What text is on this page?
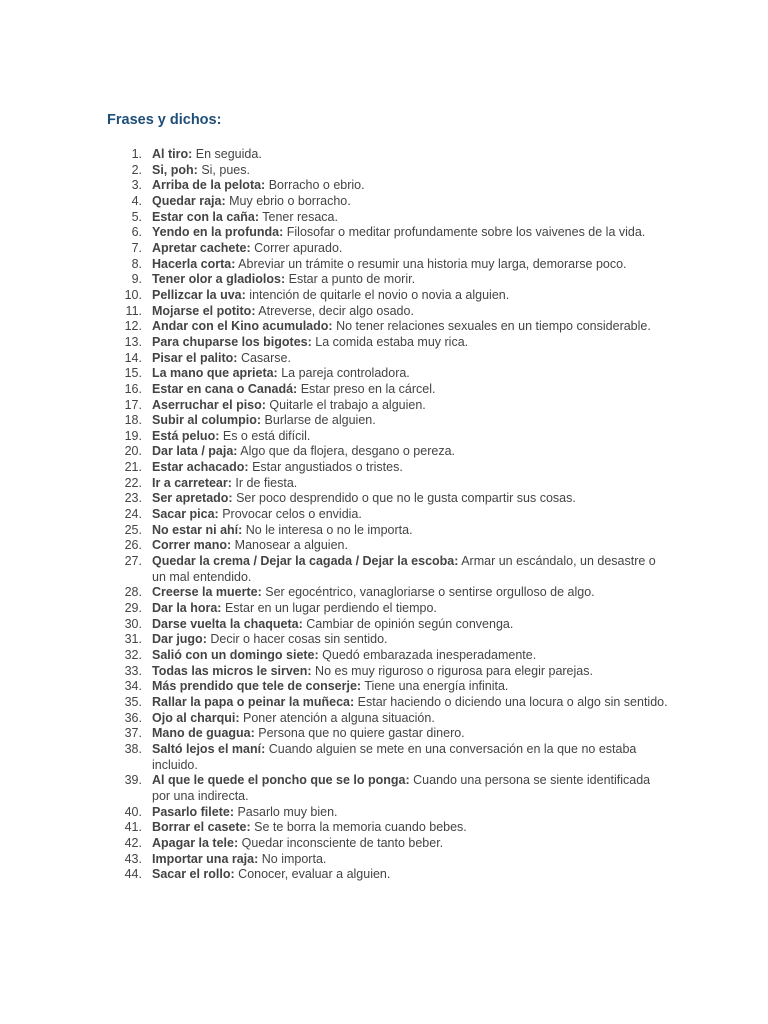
Frases y dichos:
1. Al tiro: En seguida.
2. Si, poh: Si, pues.
3. Arriba de la pelota: Borracho o ebrio.
4. Quedar raja: Muy ebrio o borracho.
5. Estar con la caña: Tener resaca.
6. Yendo en la profunda: Filosofar o meditar profundamente sobre los vaivenes de la vida.
7. Apretar cachete: Correr apurado.
8. Hacerla corta: Abreviar un trámite o resumir una historia muy larga, demorarse poco.
9. Tener olor a gladiolos: Estar a punto de morir.
10. Pellizcar la uva: intención de quitarle el novio o novia a alguien.
11. Mojarse el potito: Atreverse, decir algo osado.
12. Andar con el Kino acumulado: No tener relaciones sexuales en un tiempo considerable.
13. Para chuparse los bigotes: La comida estaba muy rica.
14. Pisar el palito: Casarse.
15. La mano que aprieta: La pareja controladora.
16. Estar en cana o Canadá: Estar preso en la cárcel.
17. Aserruchar el piso: Quitarle el trabajo a alguien.
18. Subir al columpio: Burlarse de alguien.
19. Está peluo: Es o está difícil.
20. Dar lata / paja: Algo que da flojera, desgano o pereza.
21. Estar achacado: Estar angustiados o tristes.
22. Ir a carretear: Ir de fiesta.
23. Ser apretado: Ser poco desprendido o que no le gusta compartir sus cosas.
24. Sacar pica: Provocar celos o envidia.
25. No estar ni ahí: No le interesa o no le importa.
26. Correr mano: Manosear a alguien.
27. Quedar la crema / Dejar la cagada / Dejar la escoba: Armar un escándalo, un desastre o un mal entendido.
28. Creerse la muerte: Ser egocéntrico, vanagloriarse o sentirse orgulloso de algo.
29. Dar la hora: Estar en un lugar perdiendo el tiempo.
30. Darse vuelta la chaqueta: Cambiar de opinión según convenga.
31. Dar jugo: Decir o hacer cosas sin sentido.
32. Salió con un domingo siete: Quedó embarazada inesperadamente.
33. Todas las micros le sirven: No es muy riguroso o rigurosa para elegir parejas.
34. Más prendido que tele de conserje: Tiene una energía infinita.
35. Rallar la papa o peinar la muñeca: Estar haciendo o diciendo una locura o algo sin sentido.
36. Ojo al charqui: Poner atención a alguna situación.
37. Mano de guagua: Persona que no quiere gastar dinero.
38. Saltó lejos el maní: Cuando alguien se mete en una conversación en la que no estaba incluido.
39. Al que le quede el poncho que se lo ponga: Cuando una persona se siente identificada por una indirecta.
40. Pasarlo filete: Pasarlo muy bien.
41. Borrar el casete: Se te borra la memoria cuando bebes.
42. Apagar la tele: Quedar inconsciente de tanto beber.
43. Importar una raja: No importa.
44. Sacar el rollo: Conocer, evaluar a alguien.
